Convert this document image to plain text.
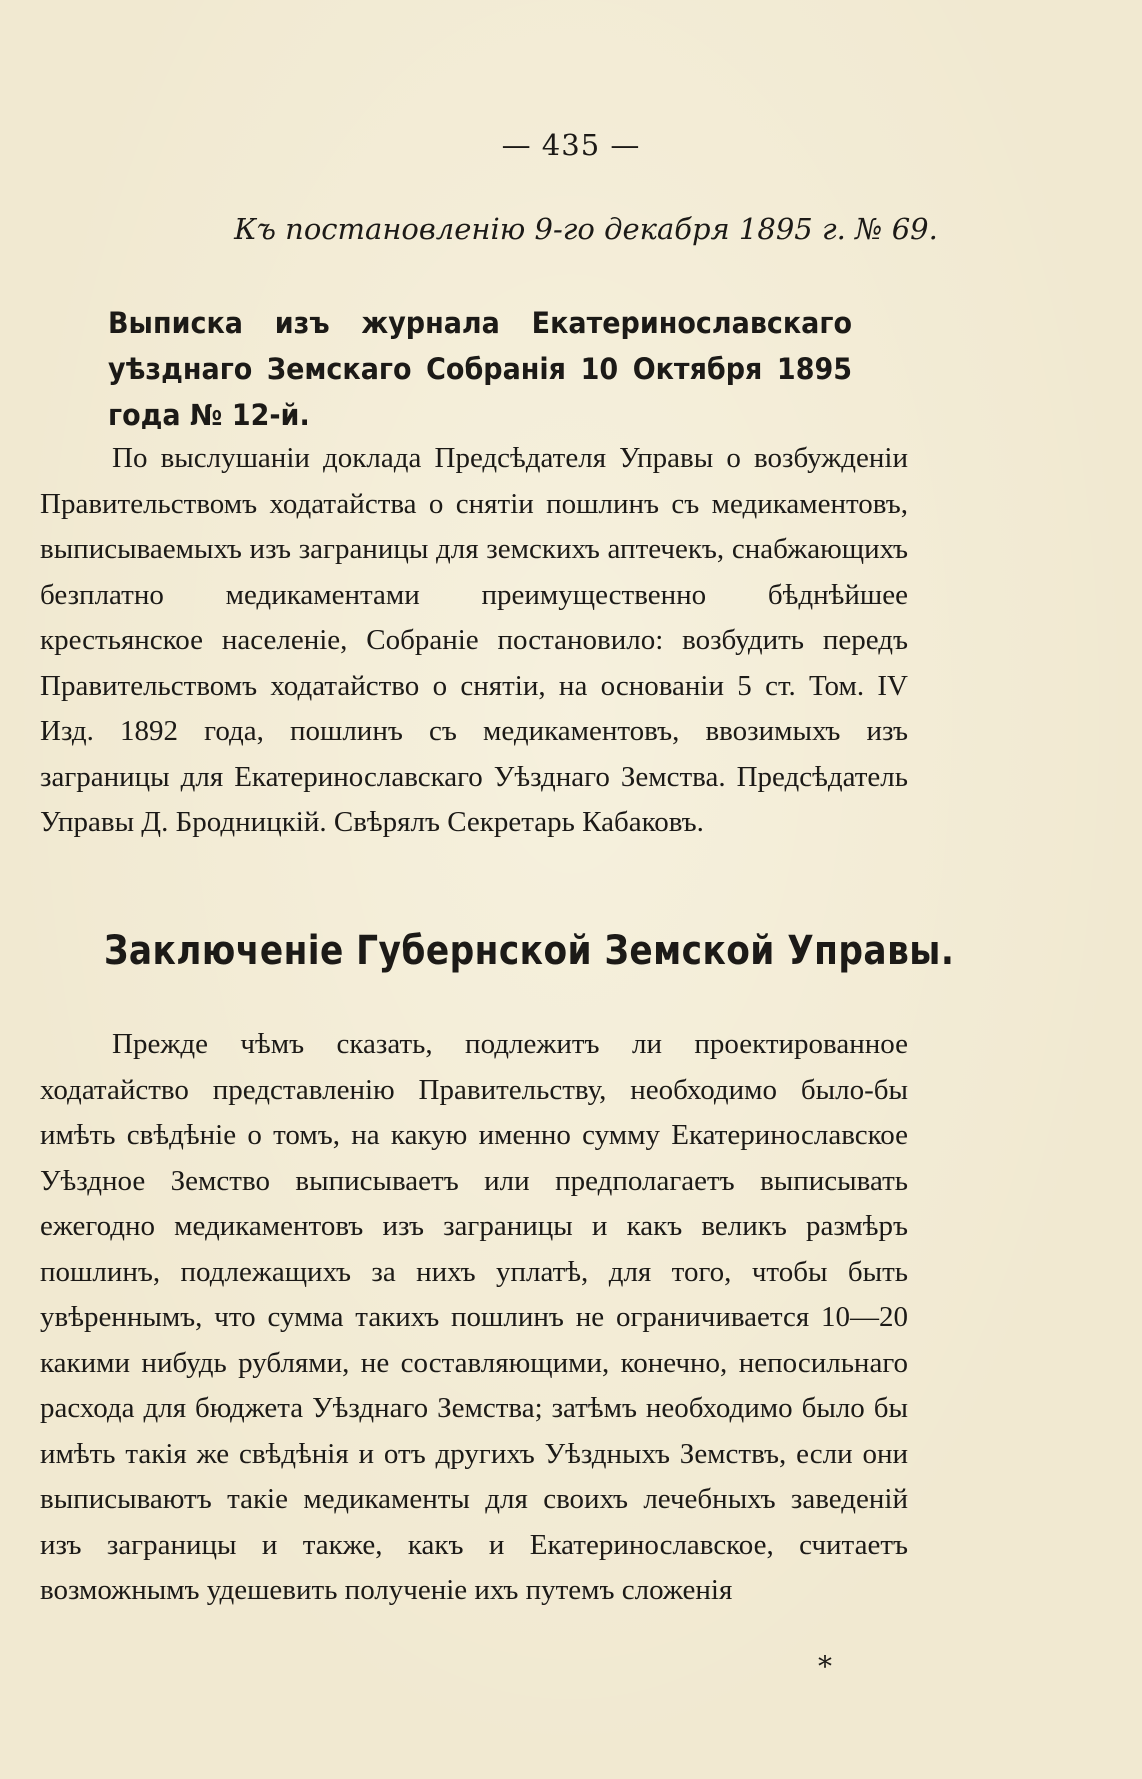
— 435 —
Къ постановленію 9-го декабря 1895 г. № 69.
Выписка изъ журнала Екатеринославскаго уѣзднаго Земскаго Собранія 10 Октября 1895 года № 12-й.
По выслушаніи доклада Предсѣдателя Управы о возбужденіи Правительствомъ ходатайства о снятіи пошлинъ съ медикаментовъ, выписываемыхъ изъ заграницы для земскихъ аптечекъ, снабжающихъ безплатно медикаментами преимущественно бѣднѣйшее крестьянское населеніе, Собраніе постановило: возбудить передъ Правительствомъ ходатайство о снятіи, на основаніи 5 ст. Том. IV Изд. 1892 года, пошлинъ съ медикаментовъ, ввозимыхъ изъ заграницы для Екатеринославскаго Уѣзднаго Земства. Предсѣдатель Управы Д. Бродницкій. Свѣрялъ Секретарь Кабаковъ.
Заключеніе Губернской Земской Управы.
Прежде чѣмъ сказать, подлежитъ ли проектированное ходатайство представленію Правительству, необходимо было-бы имѣть свѣдѣніе о томъ, на какую именно сумму Екатеринославское Уѣздное Земство выписываетъ или предполагаетъ выписывать ежегодно медикаментовъ изъ заграницы и какъ великъ размѣръ пошлинъ, подлежащихъ за нихъ уплатѣ, для того, чтобы быть увѣреннымъ, что сумма такихъ пошлинъ не ограничивается 10—20 какими нибудь рублями, не составляющими, конечно, непосильнаго расхода для бюджета Уѣзднаго Земства; затѣмъ необходимо было бы имѣть такія же свѣдѣнія и отъ другихъ Уѣздныхъ Земствъ, если они выписываютъ такіе медикаменты для своихъ лечебныхъ заведеній изъ заграницы и также, какъ и Екатеринославское, считаетъ возможнымъ удешевить полученіе ихъ путемъ сложенія
*
